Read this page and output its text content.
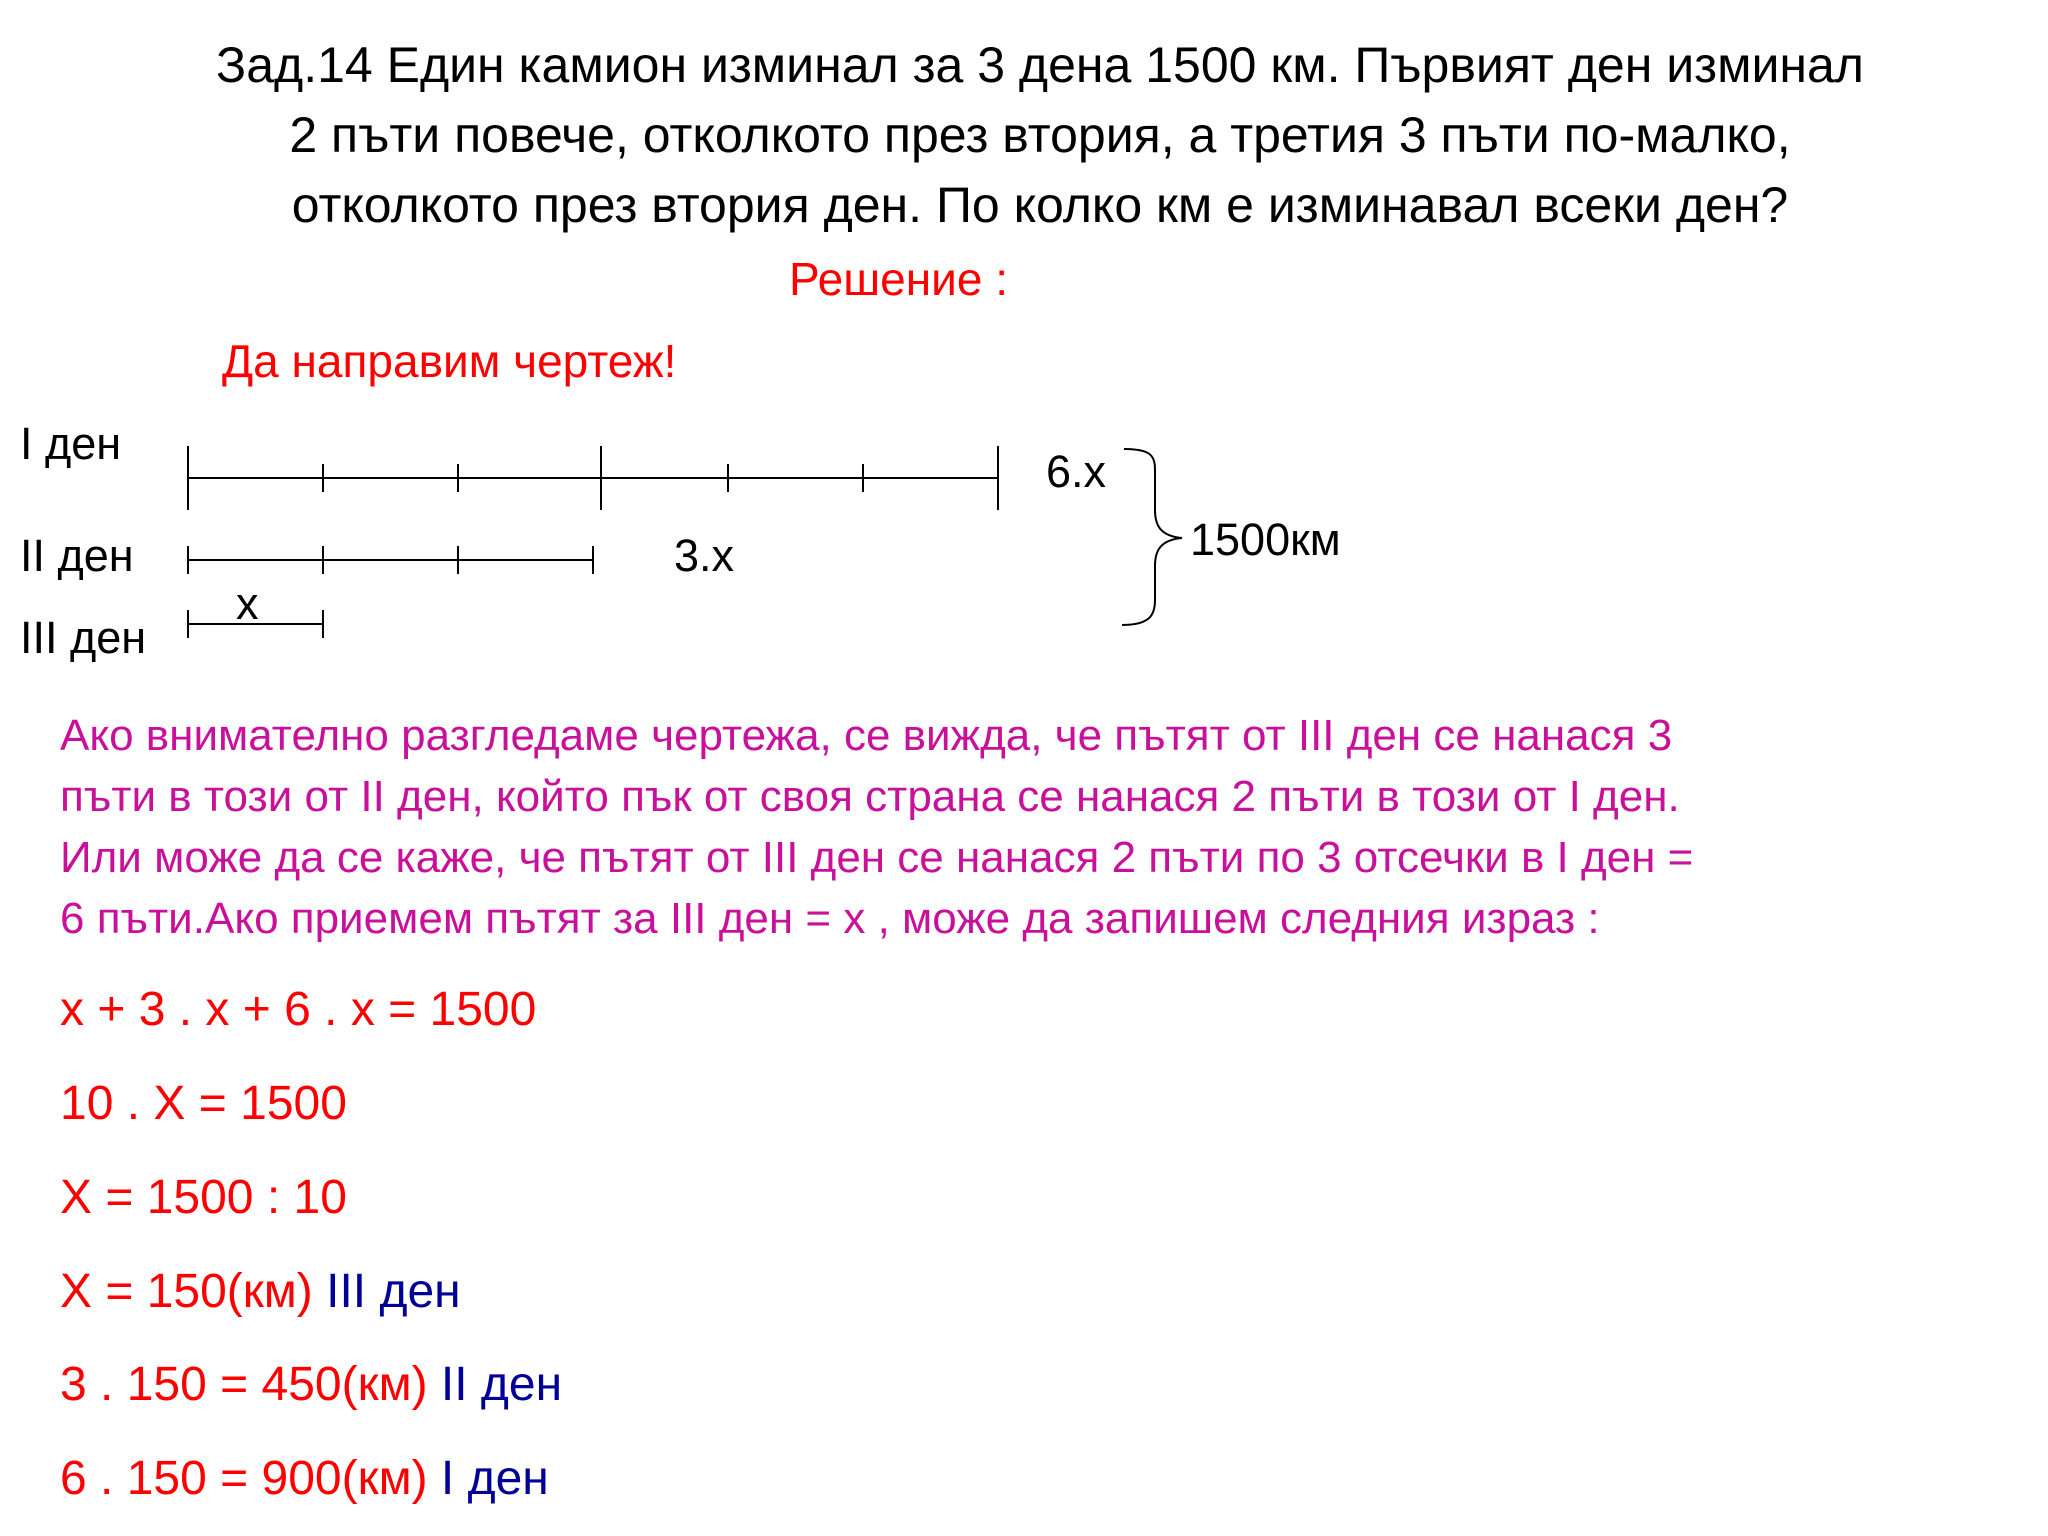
Зад.14 Един камион изминал за 3 дена 1500 км. Първият ден изминал
2 пъти повече, отколкото през втория, а третия 3 пъти по-малко,
отколкото през втория ден. По колко км е изминавал всеки ден?
Решение :
Да направим чертеж!
I ден
II ден
III ден
6.x
3.x
x
1500км
Ако внимателно разгледаме чертежа, се вижда, че пътят от III ден се нанася 3
пъти в този от II ден, който пък от своя страна се нанася 2 пъти в този от I ден.
Или може да се каже, че пътят от III ден се нанася 2 пъти по 3 отсечки в I ден =
6 пъти.Ако приемем пътят за III ден = x , може да запишем следния израз :
x + 3 . x + 6 . x = 1500
10 . X = 1500
X = 1500 : 10
X = 150(км) III ден
3 . 150 = 450(км) II ден
6 . 150 = 900(км) I ден
